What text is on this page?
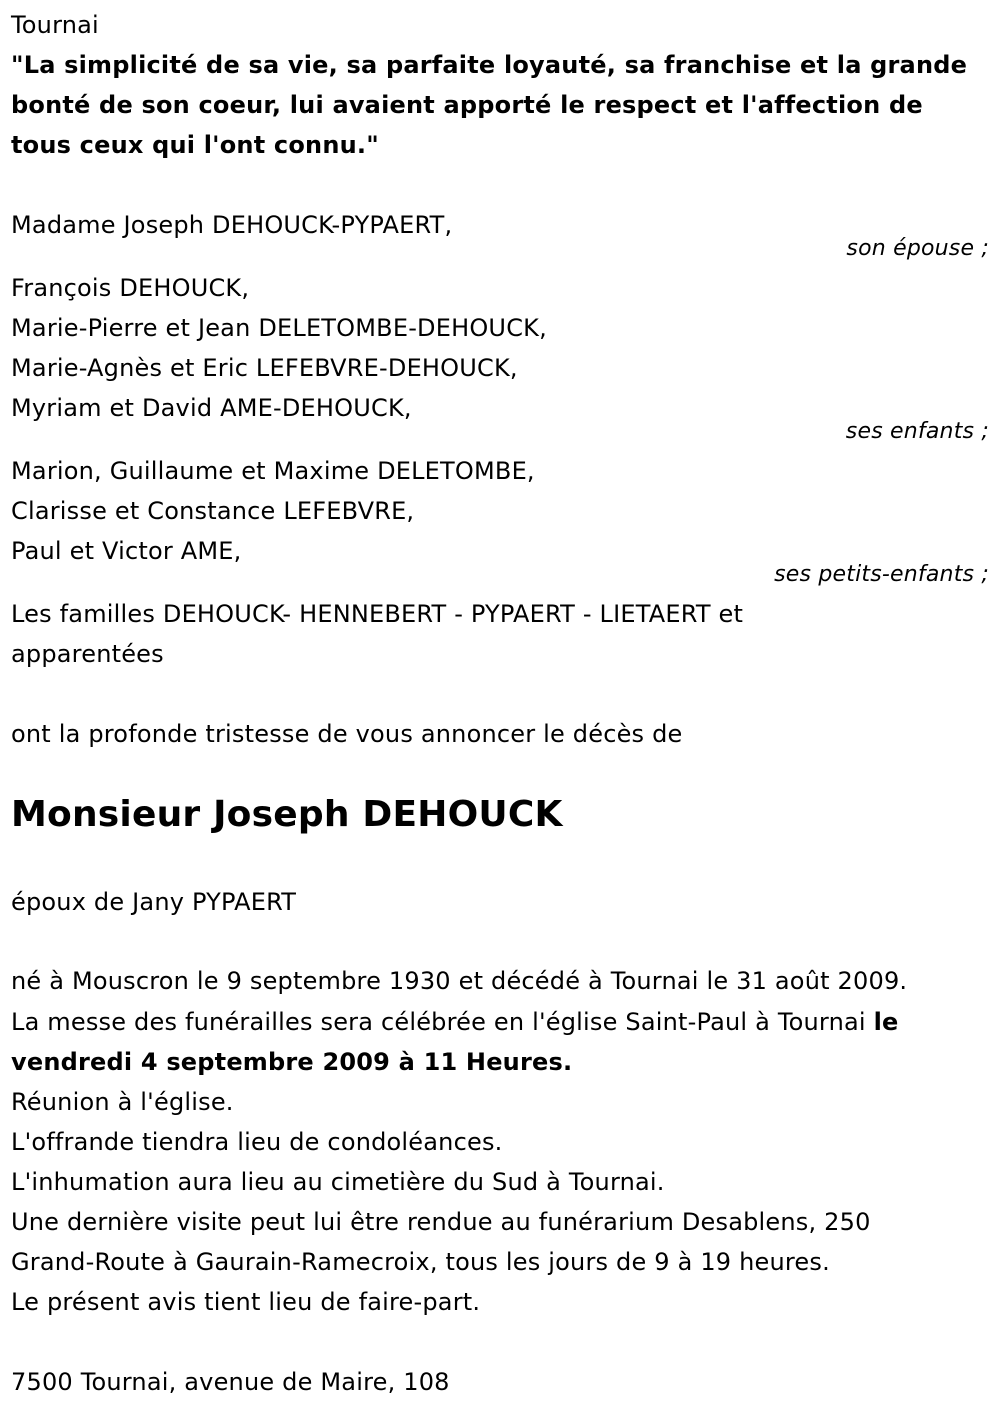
Tournai
"La simplicité de sa vie, sa parfaite loyauté, sa franchise et la grande
bonté de son coeur, lui avaient apporté le respect et l'affection de
tous ceux qui l'ont connu."
Madame Joseph DEHOUCK-PYPAERT,
son épouse ;
François DEHOUCK,
Marie-Pierre et Jean DELETOMBE-DEHOUCK,
Marie-Agnès et Eric LEFEBVRE-DEHOUCK,
Myriam et David AME-DEHOUCK,
ses enfants ;
Marion, Guillaume et Maxime DELETOMBE,
Clarisse et Constance LEFEBVRE,
Paul et Victor AME,
ses petits-enfants ;
Les familles DEHOUCK- HENNEBERT - PYPAERT - LIETAERT et
apparentées
ont la profonde tristesse de vous annoncer le décès de
Monsieur Joseph DEHOUCK
époux de Jany PYPAERT
né à Mouscron le 9 septembre 1930 et décédé à Tournai le 31 août 2009.
La messe des funérailles sera célébrée en l'église Saint-Paul à Tournai le
vendredi 4 septembre 2009 à 11 Heures.
Réunion à l'église.
L'offrande tiendra lieu de condoléances.
L'inhumation aura lieu au cimetière du Sud à Tournai.
Une dernière visite peut lui être rendue au funérarium Desablens, 250
Grand-Route à Gaurain-Ramecroix, tous les jours de 9 à 19 heures.
Le présent avis tient lieu de faire-part.
7500 Tournai, avenue de Maire, 108
